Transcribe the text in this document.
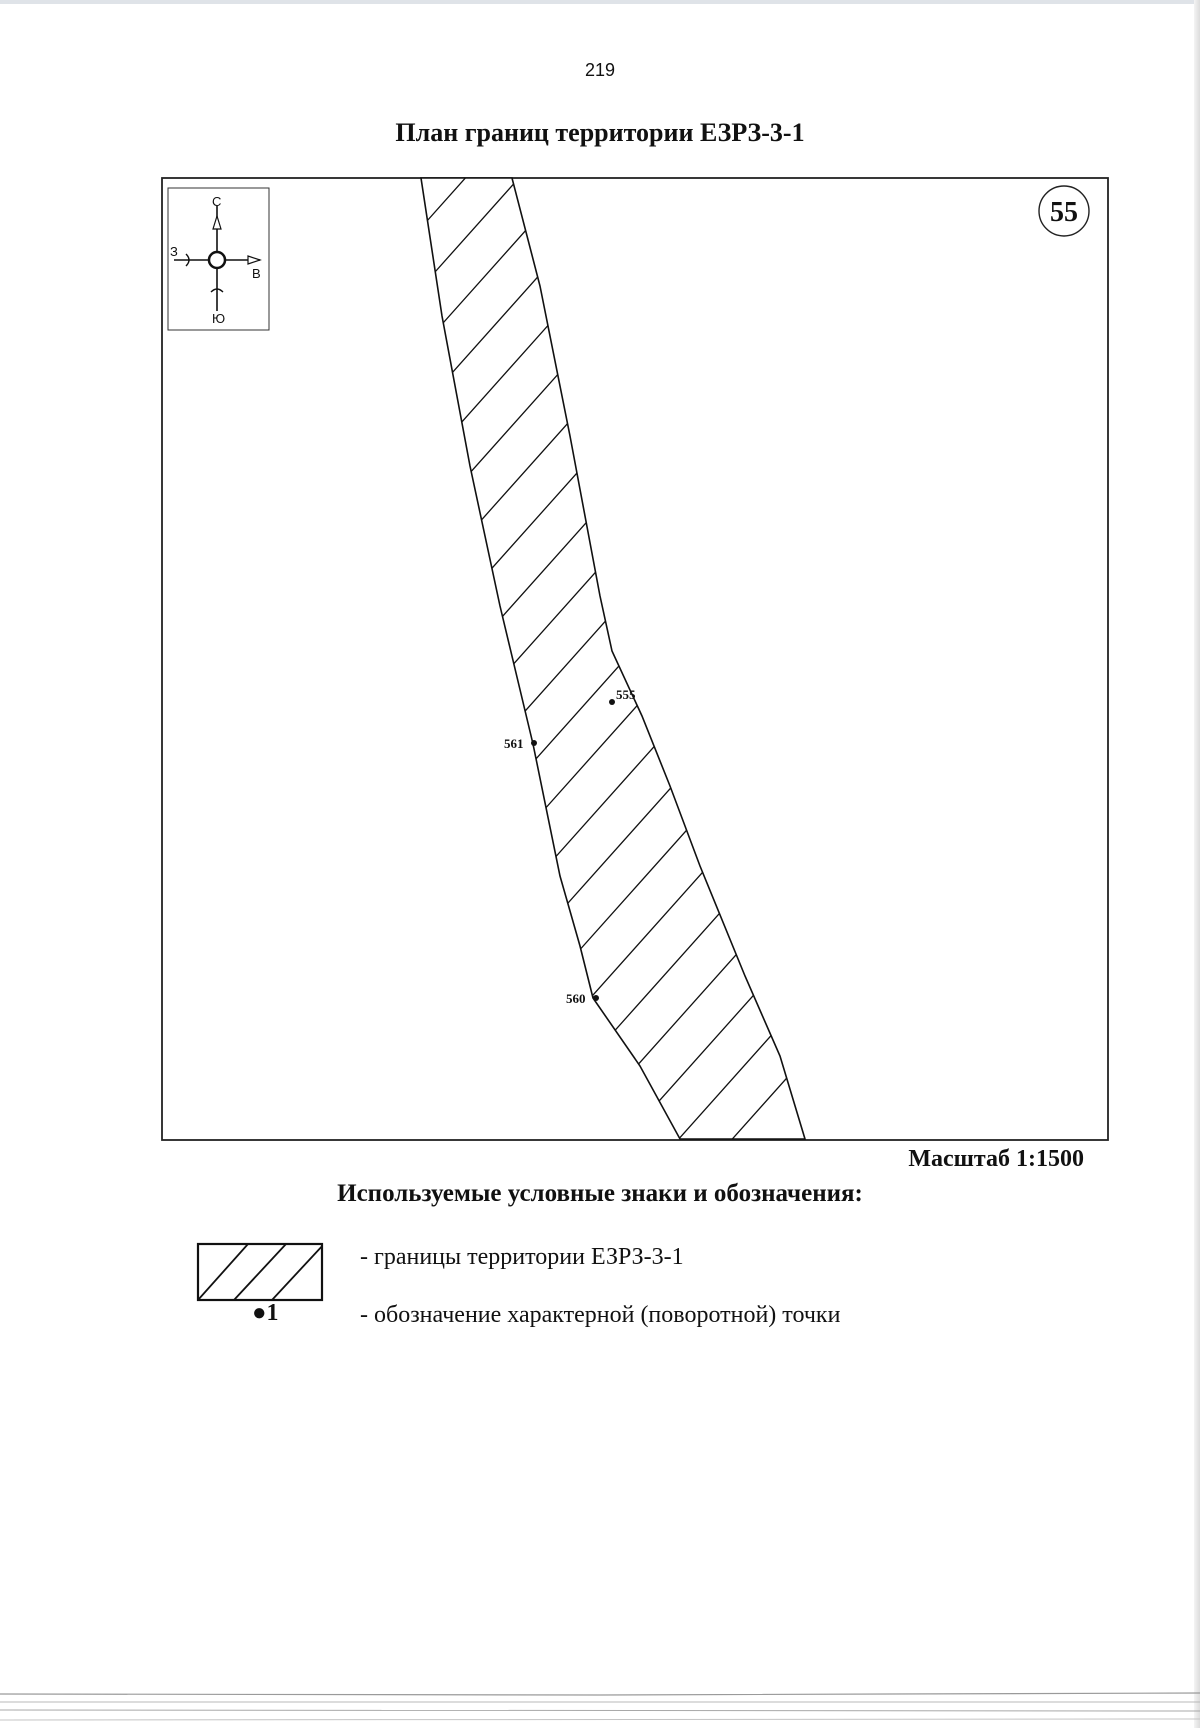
219
План границ территории ЕЗРЗ-3-1
С
Ю
З
В
55
555
561
560
Масштаб 1:1500
Используемые условные знаки и обозначения:
- границы территории ЕЗРЗ-3-1
●1	- обозначение характерной (поворотной) точки
